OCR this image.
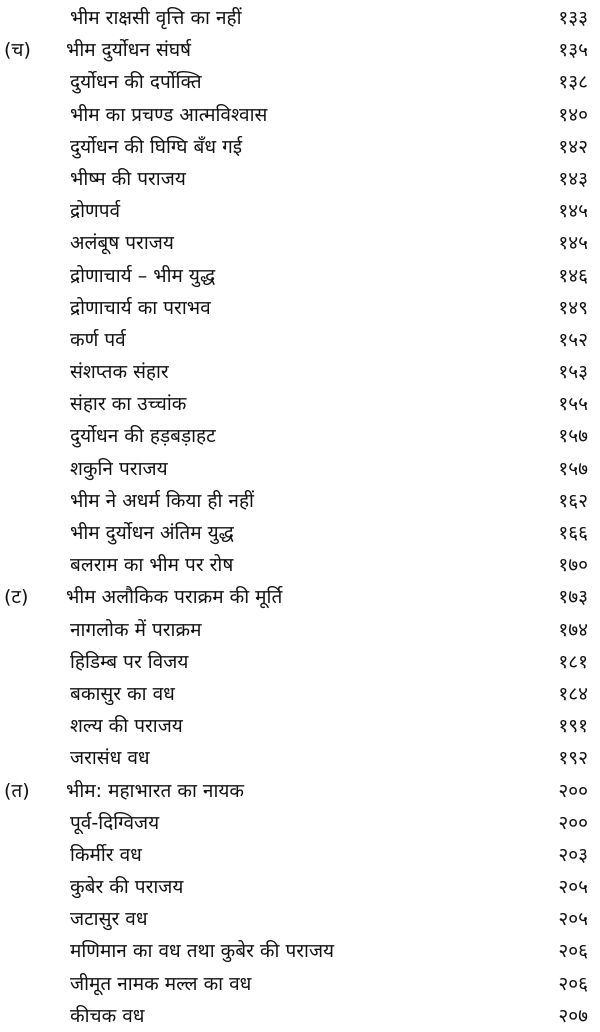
भीम राक्षसी वृत्ति का नहीं	१३३
(च) भीम दुर्योधन संघर्ष	१३५
दुर्योधन की दर्पोक्ति	१३८
भीम का प्रचण्ड आत्मविश्वास	१४०
दुर्योधन की घिग्घि बँध गई	१४२
भीष्म की पराजय	१४३
द्रोणपर्व	१४५
अलंबूष पराजय	१४५
द्रोणाचार्य – भीम युद्ध	१४६
द्रोणाचार्य का पराभव	१४९
कर्ण पर्व	१५२
संशप्तक संहार	१५३
संहार का उच्चांक	१५५
दुर्योधन की हड़बड़ाहट	१५७
शकुनि पराजय	१५७
भीम ने अधर्म किया ही नहीं	१६२
भीम दुर्योधन अंतिम युद्ध	१६६
बलराम का भीम पर रोष	१७०
(ट) भीम अलौकिक पराक्रम की मूर्ति	१७३
नागलोक में पराक्रम	१७४
हिडिम्ब पर विजय	१८१
बकासुर का वध	१८४
शल्य की पराजय	१९१
जरासंध वध	१९२
(त) भीम: महाभारत का नायक	२००
पूर्व-दिग्विजय	२००
किर्मीर वध	२०३
कुबेर की पराजय	२०५
जटासुर वध	२०५
मणिमान का वध तथा कुबेर की पराजय	२०६
जीमूत नामक मल्ल का वध	२०६
कीचक वध	२०७
